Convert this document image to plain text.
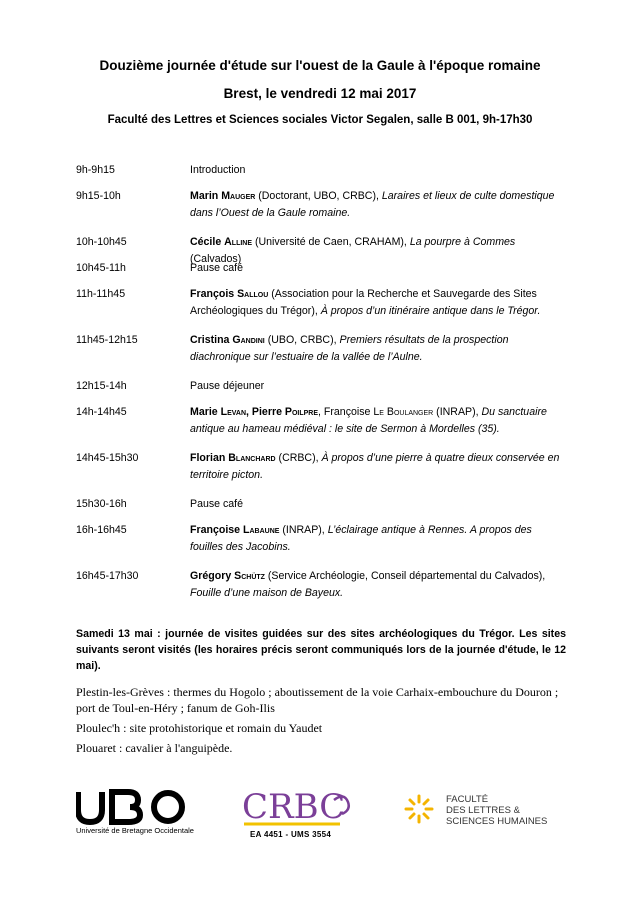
Douzième journée d'étude sur l'ouest de la Gaule à l'époque romaine
Brest, le vendredi 12 mai 2017
Faculté des Lettres et Sciences sociales Victor Segalen, salle B 001, 9h-17h30
9h-9h15	Introduction
9h15-10h	Marin Mauger (Doctorant, UBO, CRBC), Laraires et lieux de culte domestique dans l’Ouest de la Gaule romaine.
10h-10h45	Cécile Alline (Université de Caen, CRAHAM), La pourpre à Commes (Calvados)
10h45-11h	Pause café
11h-11h45	François Sallou (Association pour la Recherche et Sauvegarde des Sites Archéologiques du Trégor), À propos d’un itinéraire antique dans le Trégor.
11h45-12h15	Cristina Gandini (UBO, CRBC), Premiers résultats de la prospection diachronique sur l’estuaire de la vallée de l’Aulne.
12h15-14h	Pause déjeuner
14h-14h45	Marie Levan, Pierre Poilpre, Françoise Le Boulanger (INRAP), Du sanctuaire antique au hameau médiéval : le site de Sermon à Mordelles (35).
14h45-15h30	Florian Blanchard (CRBC), À propos d’une pierre à quatre dieux conservée en territoire picton.
15h30-16h	Pause café
16h-16h45	Françoise Labaune (INRAP), L’éclairage antique à Rennes. A propos des fouilles des Jacobins.
16h45-17h30	Grégory Schütz (Service Archéologie, Conseil départemental du Calvados), Fouille d’une maison de Bayeux.
Samedi 13 mai : journée de visites guidées sur des sites archéologiques du Trégor. Les sites suivants seront visités (les horaires précis seront communiqués lors de la journée d'étude, le 12 mai).
Plestin-les-Grèves : thermes du Hogolo ; aboutissement de la voie Carhaix-embouchure du Douron ; port de Toul-en-Héry ; fanum de Goh-Ilis
Ploulec'h : site protohistorique et romain du Yaudet
Plouaret : cavalier à l'anguipède.
Université de Bretagne Occidentale
CRBC
EA 4451 - UMS 3554
FACULTÉ
DES LETTRES &
SCIENCES HUMAINES
